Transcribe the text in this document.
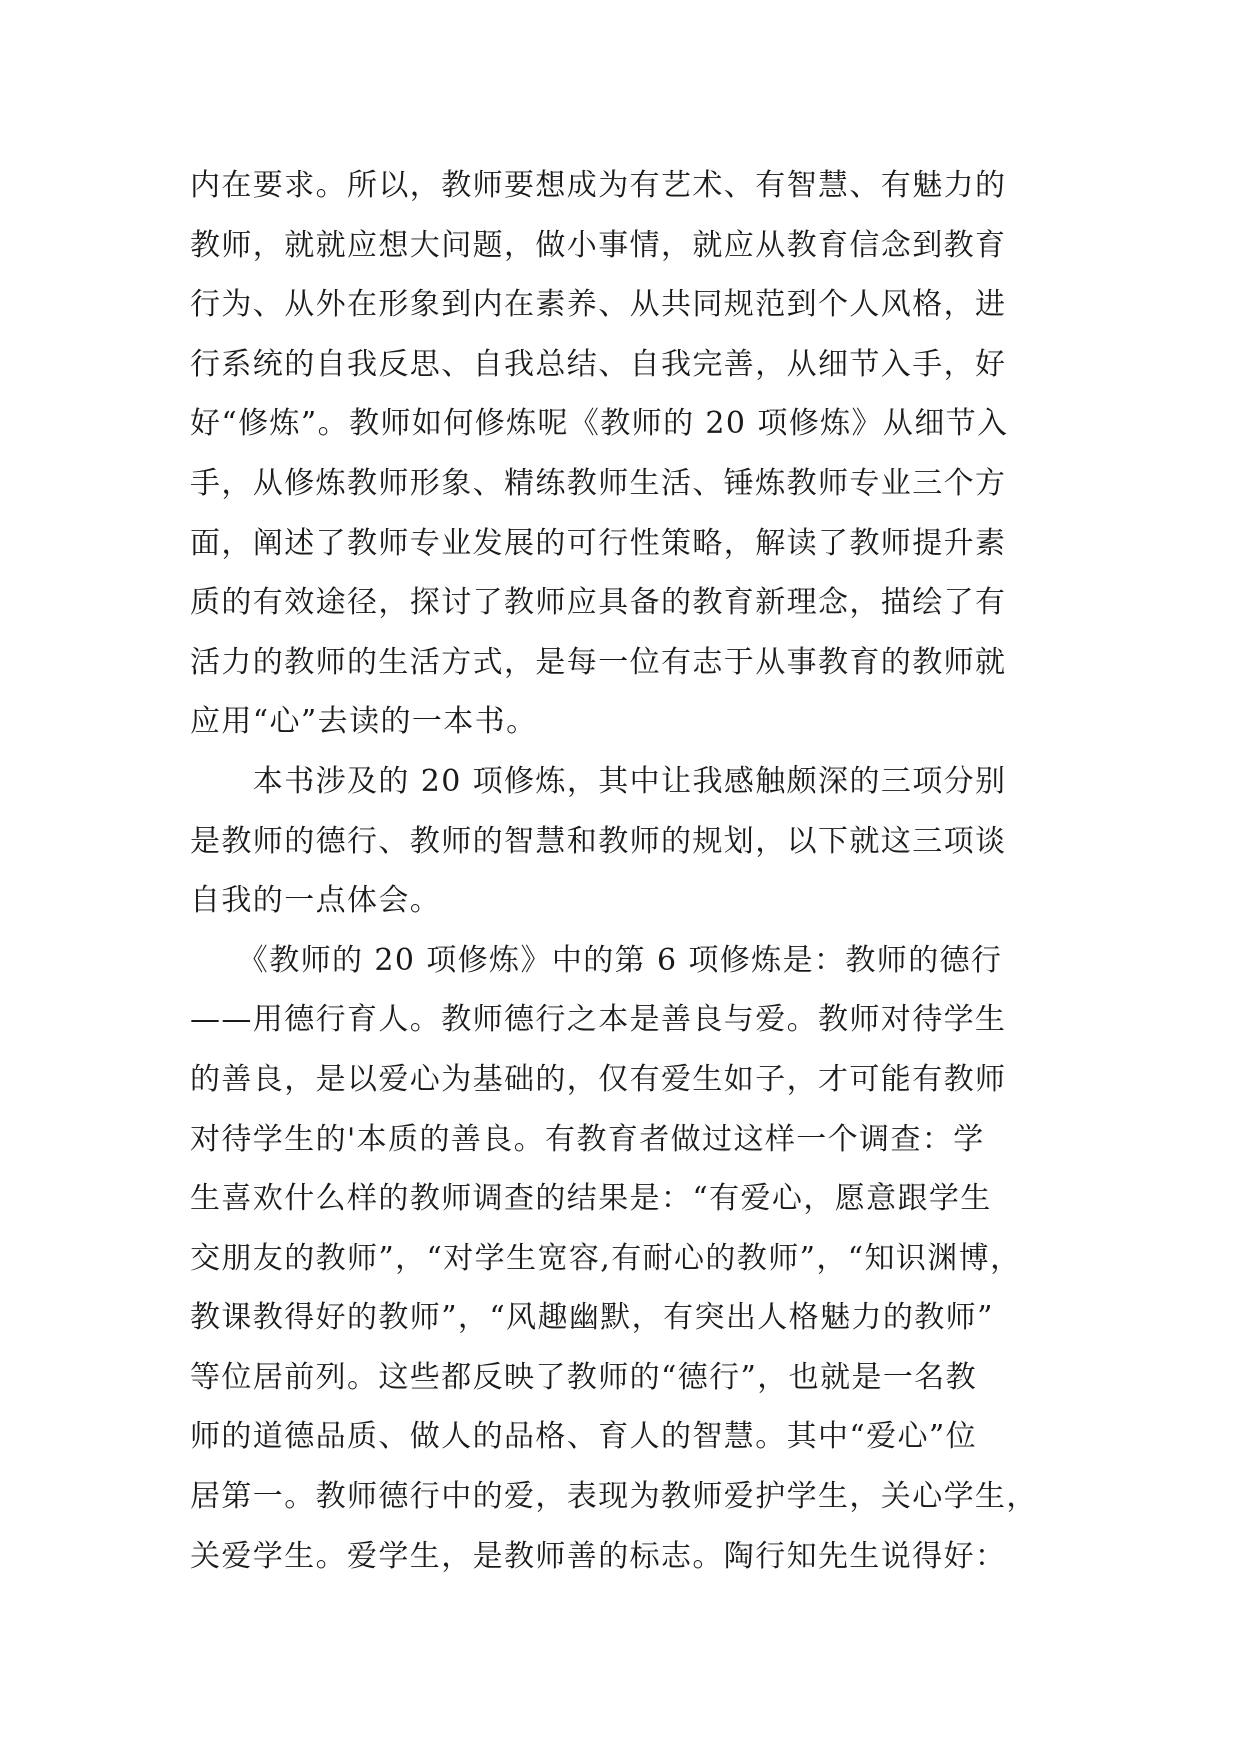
内在要求。所以，教师要想成为有艺术、有智慧、有魅力的
教师，就就应想大问题，做小事情，就应从教育信念到教育
行为、从外在形象到内在素养、从共同规范到个人风格，进
行系统的自我反思、自我总结、自我完善，从细节入手，好
好“修炼”。教师如何修炼呢《教师的 20 项修炼》从细节入
手，从修炼教师形象、精练教师生活、锤炼教师专业三个方
面，阐述了教师专业发展的可行性策略，解读了教师提升素
质的有效途径，探讨了教师应具备的教育新理念，描绘了有
活力的教师的生活方式，是每一位有志于从事教育的教师就
应用“心”去读的一本书。
　　本书涉及的 20 项修炼，其中让我感触颇深的三项分别
是教师的德行、教师的智慧和教师的规划，以下就这三项谈
自我的一点体会。
　　《教师的 20 项修炼》中的第 6 项修炼是：教师的德行
——用德行育人。教师德行之本是善良与爱。教师对待学生
的善良，是以爱心为基础的，仅有爱生如子，才可能有教师
对待学生的'本质的善良。有教育者做过这样一个调查：学
生喜欢什么样的教师调查的结果是：“有爱心，愿意跟学生
交朋友的教师”，“对学生宽容,有耐心的教师”，“知识渊博，
教课教得好的教师”，“风趣幽默，有突出人格魅力的教师”
等位居前列。这些都反映了教师的“德行”，也就是一名教
师的道德品质、做人的品格、育人的智慧。其中“爱心”位
居第一。教师德行中的爱，表现为教师爱护学生，关心学生，
关爱学生。爱学生，是教师善的标志。陶行知先生说得好：
